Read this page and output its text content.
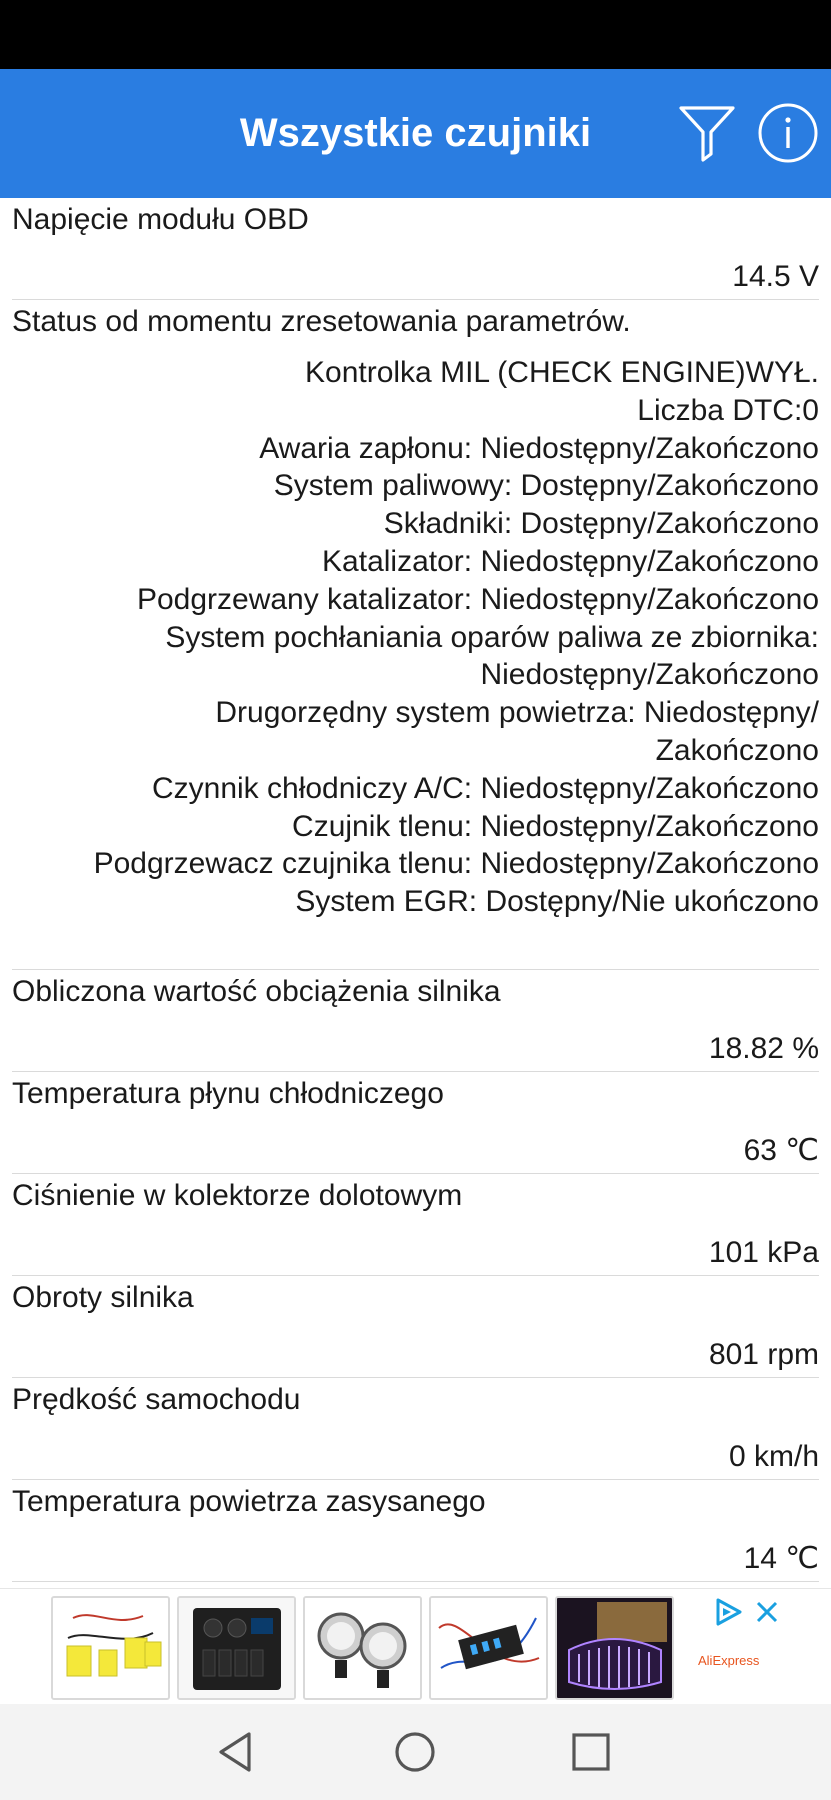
Wszystkie czujniki
Napięcie modułu OBD
14.5 V
Status od momentu zresetowania parametrów.
Kontrolka MIL (CHECK ENGINE)WYŁ.
Liczba DTC:0
Awaria zapłonu: Niedostępny/Zakończono
System paliwowy: Dostępny/Zakończono
Składniki: Dostępny/Zakończono
Katalizator: Niedostępny/Zakończono
Podgrzewany katalizator: Niedostępny/Zakończono
System pochłaniania oparów paliwa ze zbiornika:
Niedostępny/Zakończono
Drugorzędny system powietrza: Niedostępny/
Zakończono
Czynnik chłodniczy A/C: Niedostępny/Zakończono
Czujnik tlenu: Niedostępny/Zakończono
Podgrzewacz czujnika tlenu: Niedostępny/Zakończono
System EGR: Dostępny/Nie ukończono
Obliczona wartość obciążenia silnika
18.82 %
Temperatura płynu chłodniczego
63 ℃
Ciśnienie w kolektorze dolotowym
101 kPa
Obroty silnika
801 rpm
Prędkość samochodu
0 km/h
Temperatura powietrza zasysanego
14 ℃
AliExpress
